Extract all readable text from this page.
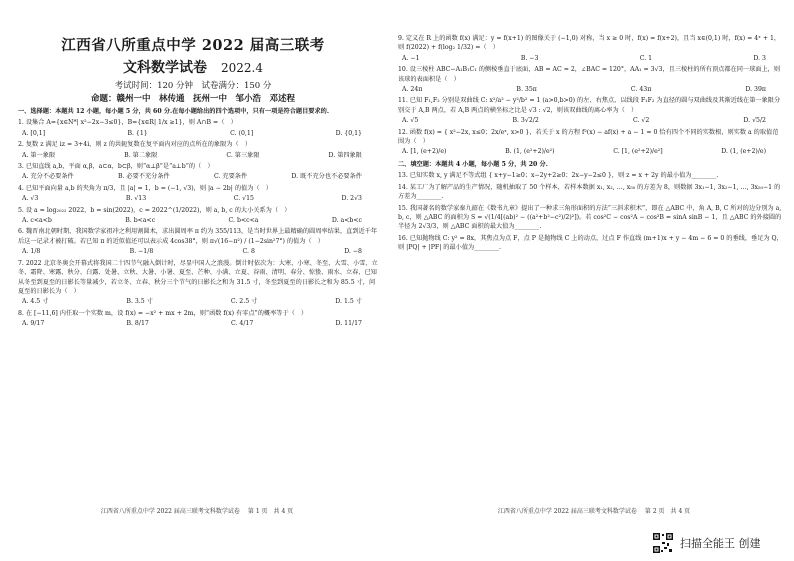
江西省八所重点中学 2022 届高三联考
文科数学试卷 2022.4
考试时间：120 分钟　试卷满分：150 分
命题：赣州一中　林传通　抚州一中　邹小浩　邓述程
一、选择题：本题共 12 小题，每小题 5 分，共 60 分.在每小题给出的四个选项中，只有一项是符合题目要求的.
1. 设集合 A={x∈N*| x²−2x−3≤0}，B={x∈R| 1/x ≥1}，则 A∩B =（　）
A. [0,1]	B. {1}	C. (0,1]	D. {0,1}
2. 复数 z 满足 iz = 3+4i，则 z 的共轭复数在复平面内对应的点所在的象限为（　）
A. 第一象限	B. 第二象限	C. 第三象限	D. 第四象限
3. 已知直线 a,b，平面 α,β，a⊂α，b⊂β，则“α⊥β”是“a⊥b”的（　）
A. 充分不必要条件	B. 必要不充分条件	C. 充要条件	D. 既不充分也不必要条件
4. 已知平面向量 a,b 的夹角为 π/3，且 |a| = 1，b = (−1, √3)，则 |a − 2b| 的值为（　）
A. √3	B. √13	C. √15	D. 2√3
5. 设 a = log₂₀₂₂ 2022，b = sin(2022)，c = 2022^(1/2022)，则 a, b, c 的大小关系为（　）
A. c<a<b	B. b<a<c	C. b<c<a	D. a<b<c
6. 魏晋南北朝时期，我国数学家祖冲之利用割圆术，求出圆周率 π 约为 355/113，是当时世界上最精确的圆周率结果，直到近千年后这一记录才被打破。若已知 π 的近似值还可以表示成 4cos38°，则 π√(16−π²) / (1−2sin²7°) 的值为（　）
A. 1/8	B. −1/8	C. 8	D. −8
7. 2022 北京冬奥会开幕式将我国二十四节气融入倒计时，尽显中国人之浪漫。倒计时依次为：大寒、小寒、冬至、大雪、小雪、立冬、霜降、寒露、秋分、白露、处暑、立秋、大暑、小暑、夏至、芒种、小满、立夏、谷雨、清明、春分、惊蛰、雨水、立春，已知从冬至到夏至的日影长等量减少，若立冬、立春、秋分三个节气的日影长之和为 31.5 寸，冬至到夏至的日影长之和为 85.5 寸，问夏至的日影长为（　）
A. 4.5 寸	B. 3.5 寸	C. 2.5 寸	D. 1.5 寸
8. 在 [−11,6] 内任取一个实数 m，设 f(x) = −x² + mx + 2m，则“函数 f(x) 有零点”的概率等于（　）
A. 9/17	B. 8/17	C. 4/17	D. 11/17
江西省八所重点中学 2022 届高三联考文科数学试卷 第 1 页　共 4 页
9. 定义在 R 上的函数 f(x) 满足：y = f(x+1) 的图像关于 (−1,0) 对称，当 x ≥ 0 时，f(x) = f(x+2)，且当 x∈(0,1) 时，f(x) = 4ˣ + 1，则 f(2022) + f(log₂ 1/32) =（　）
A. −1	B. −3	C. 1	D. 3
10. 设三棱柱 ABC−A₁B₁C₁ 的侧棱垂直于底面，AB = AC = 2，∠BAC = 120°，AA₁ = 3√3，且三棱柱的所有顶点都在同一球面上，则该球的表面积是（　）
A. 24π	B. 35π	C. 43π	D. 39π
11. 已知 F₁,F₂ 分别是双曲线 C: x²/a² − y²/b² = 1 (a>0,b>0) 的左、右焦点，以线段 F₁F₂ 为直径的圆与双曲线及其渐近线在第一象限分别交于 A,B 两点，若 A,B 两点的横坐标之比是 √3 : √2，则该双曲线的离心率为（　）
A. √5	B. 3√2/2	C. √2	D. √5/2
12. 函数 f(x) = { x²−2x, x≤0；2x/eˣ, x>0 }，若关于 x 的方程 f²(x) − af(x) + a − 1 = 0 恰有四个不同的实数根，则实数 a 的取值范围为（　）
A. [1, (e+2)/e)	B. (1, (e²+2)/e²)	C. [1, (e²+2)/e²]	D. (1, (e+2)/e)
二、填空题：本题共 4 小题，每小题 5 分，共 20 分.
13. 已知实数 x, y 满足不等式组 { x+y−1≥0；x−2y+2≥0；2x−y−2≤0 }，则 z = x + 2y 的最小值为________.
14. 某工厂为了解产品的生产情况，随机抽取了 50 个样本，若样本数据 x₁, x₂, …, x₅₀ 的方差为 8，则数据 3x₁−1, 3x₂−1, …, 3x₅₀−1 的方差为________.
15. 我国著名的数学家秦九韶在《数书九章》提出了一种求三角形面积的方法“三斜求积术”，即在 △ABC 中，角 A, B, C 所对的边分别为 a, b, c，则 △ABC 的面积为 S = √(1/4[(ab)² − ((a²+b²−c²)/2)²])。若 cos²C − cos²A − cos²B = sinA sinB − 1，且 △ABC 的外接圆的半径为 2√3/3，则 △ABC 面积的最大值为________.
16. 已知抛物线 C: y² = 8x，其焦点为点 F，点 P 是抛物线 C 上的动点，过点 F 作直线 (m+1)x + y − 4m − 6 = 0 的垂线，垂足为 Q，则 |PQ| + |PF| 的最小值为________.
江西省八所重点中学 2022 届高三联考文科数学试卷 第 2 页　共 4 页
扫描全能王 创建
